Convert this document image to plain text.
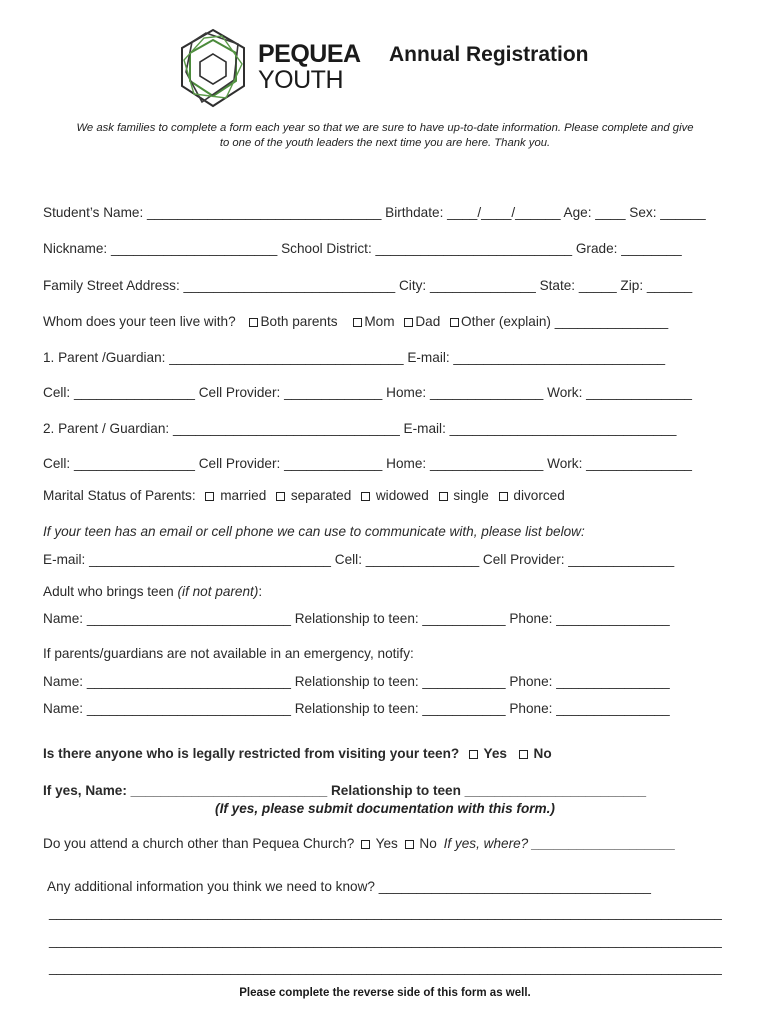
PEQUEA
YOUTH
Annual Registration
We ask families to complete a form each year so that we are sure to have up-to-date information. Please complete and give
to one of the youth leaders the next time you are here. Thank you.
Student’s Name: _______________________________ Birthdate: ____/____/______ Age: ____ Sex: ______
Nickname: ______________________ School District: __________________________ Grade: ________
Family Street Address: ____________________________ City: ______________ State: _____ Zip: ______
Whom does your teen live with? Both parents Mom Dad Other (explain) _______________
1. Parent /Guardian: _______________________________ E-mail: ____________________________
Cell: ________________ Cell Provider: _____________ Home: _______________ Work: ______________
2. Parent / Guardian: ______________________________ E-mail: ______________________________
Cell: ________________ Cell Provider: _____________ Home: _______________ Work: ______________
Marital Status of Parents: married separated widowed single divorced
If your teen has an email or cell phone we can use to communicate with, please list below:
E-mail: ________________________________ Cell: _______________ Cell Provider: ______________
Adult who brings teen (if not parent):
Name: ___________________________ Relationship to teen: ___________ Phone: _______________
If parents/guardians are not available in an emergency, notify:
Name: ___________________________ Relationship to teen: ___________ Phone: _______________
Name: ___________________________ Relationship to teen: ___________ Phone: _______________
Is there anyone who is legally restricted from visiting your teen? Yes No
If yes, Name: __________________________ Relationship to teen ________________________
(If yes, please submit documentation with this form.)
Do you attend a church other than Pequea Church? Yes No If yes, where? ___________________
Any additional information you think we need to know? ____________________________________
_________________________________________________________________________________________
_________________________________________________________________________________________
_________________________________________________________________________________________
Please complete the reverse side of this form as well.
